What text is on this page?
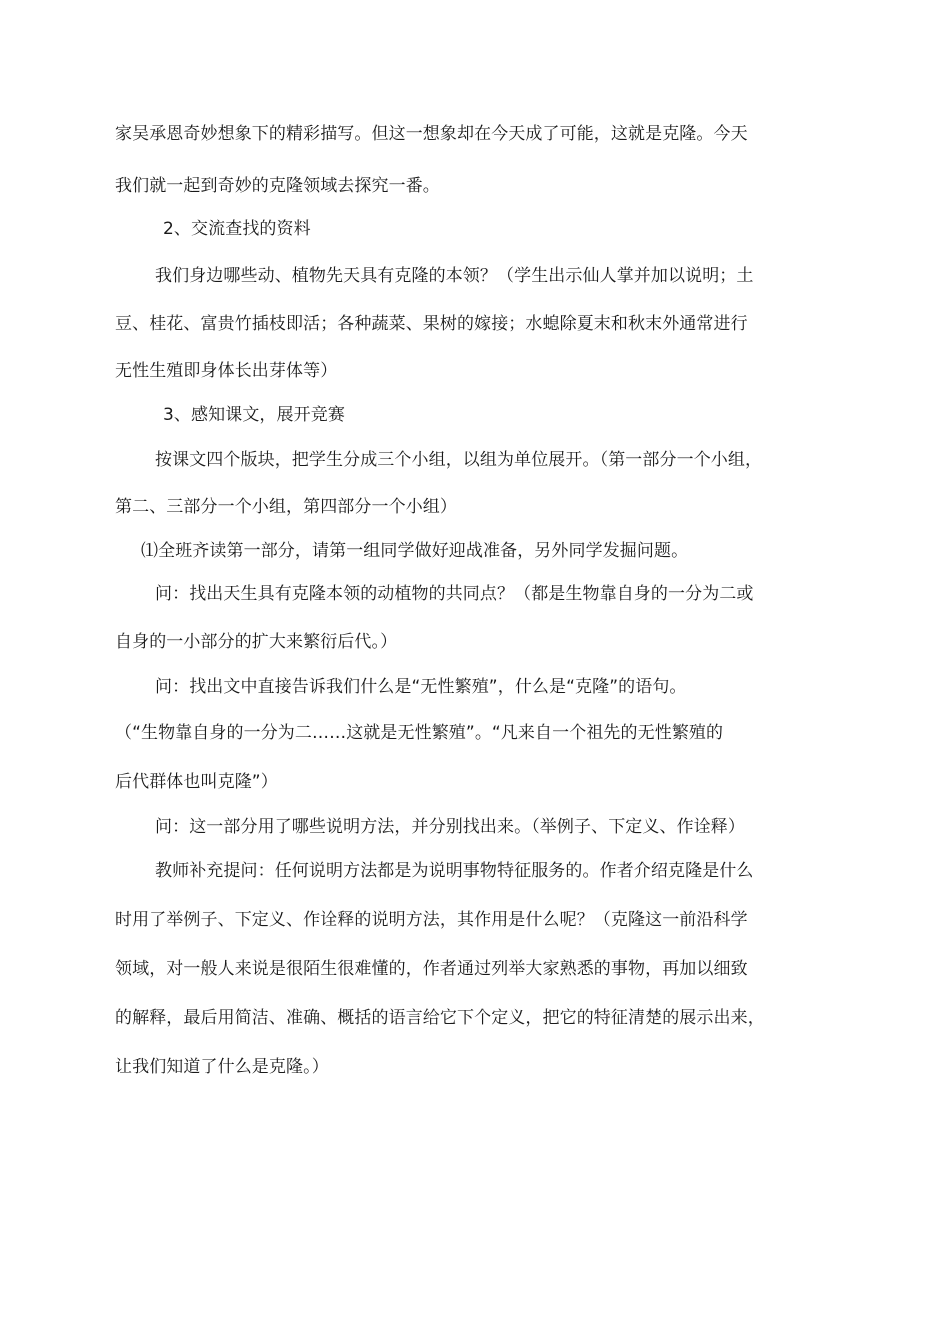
家吴承恩奇妙想象下的精彩描写。但这一想象却在今天成了可能，这就是克隆。今天
我们就一起到奇妙的克隆领域去探究一番。
2、交流查找的资料
我们身边哪些动、植物先天具有克隆的本领？（学生出示仙人掌并加以说明；土
豆、桂花、富贵竹插枝即活；各种蔬菜、果树的嫁接；水螅除夏末和秋末外通常进行
无性生殖即身体长出芽体等）
3、感知课文，展开竞赛
按课文四个版块，把学生分成三个小组，以组为单位展开。（第一部分一个小组，
第二、三部分一个小组，第四部分一个小组）
⑴全班齐读第一部分，请第一组同学做好迎战准备，另外同学发掘问题。
问：找出天生具有克隆本领的动植物的共同点？（都是生物靠自身的一分为二或
自身的一小部分的扩大来繁衍后代。）
问：找出文中直接告诉我们什么是“无性繁殖”，什么是“克隆”的语句。
（“生物靠自身的一分为二……这就是无性繁殖”。“凡来自一个祖先的无性繁殖的
后代群体也叫克隆”）
问：这一部分用了哪些说明方法，并分别找出来。（举例子、下定义、作诠释）
教师补充提问：任何说明方法都是为说明事物特征服务的。作者介绍克隆是什么
时用了举例子、下定义、作诠释的说明方法，其作用是什么呢？（克隆这一前沿科学
领域，对一般人来说是很陌生很难懂的，作者通过列举大家熟悉的事物，再加以细致
的解释，最后用简洁、准确、概括的语言给它下个定义，把它的特征清楚的展示出来，
让我们知道了什么是克隆。）
